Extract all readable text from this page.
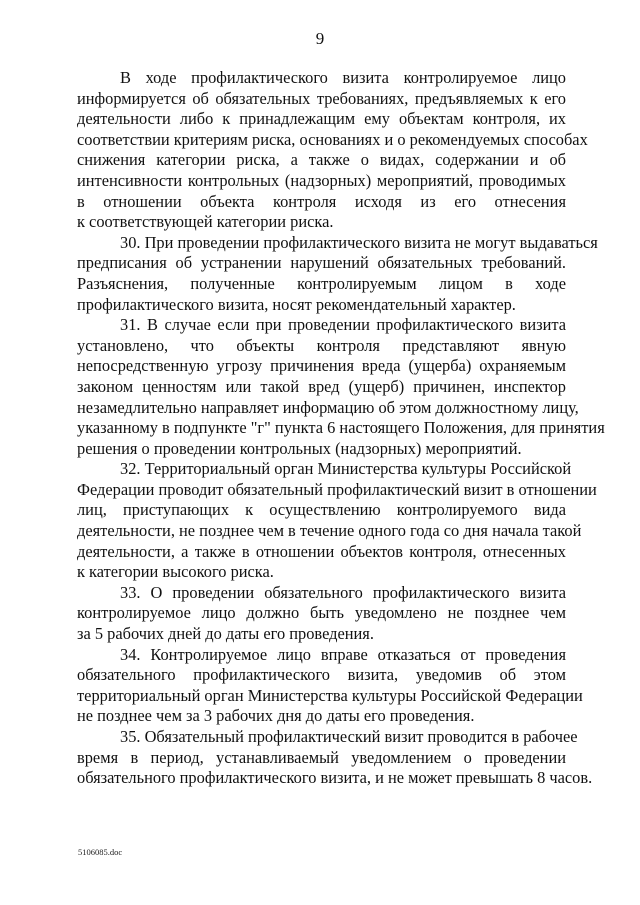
9
В ходе профилактического визита контролируемое лицо
информируется об обязательных требованиях, предъявляемых к его
деятельности либо к принадлежащим ему объектам контроля, их
соответствии критериям риска, основаниях и о рекомендуемых способах
снижения категории риска, а также о видах, содержании и об
интенсивности контрольных (надзорных) мероприятий, проводимых
в отношении объекта контроля исходя из его отнесения
к соответствующей категории риска.
30. При проведении профилактического визита не могут выдаваться
предписания об устранении нарушений обязательных требований.
Разъяснения, полученные контролируемым лицом в ходе
профилактического визита, носят рекомендательный характер.
31. В случае если при проведении профилактического визита
установлено, что объекты контроля представляют явную
непосредственную угрозу причинения вреда (ущерба) охраняемым
законом ценностям или такой вред (ущерб) причинен, инспектор
незамедлительно направляет информацию об этом должностному лицу,
указанному в подпункте "г" пункта 6 настоящего Положения, для принятия
решения о проведении контрольных (надзорных) мероприятий.
32. Территориальный орган Министерства культуры Российской
Федерации проводит обязательный профилактический визит в отношении
лиц, приступающих к осуществлению контролируемого вида
деятельности, не позднее чем в течение одного года со дня начала такой
деятельности, а также в отношении объектов контроля, отнесенных
к категории высокого риска.
33. О проведении обязательного профилактического визита
контролируемое лицо должно быть уведомлено не позднее чем
за 5 рабочих дней до даты его проведения.
34. Контролируемое лицо вправе отказаться от проведения
обязательного профилактического визита, уведомив об этом
территориальный орган Министерства культуры Российской Федерации
не позднее чем за 3 рабочих дня до даты его проведения.
35. Обязательный профилактический визит проводится в рабочее
время в период, устанавливаемый уведомлением о проведении
обязательного профилактического визита, и не может превышать 8 часов.
5106085.doc
